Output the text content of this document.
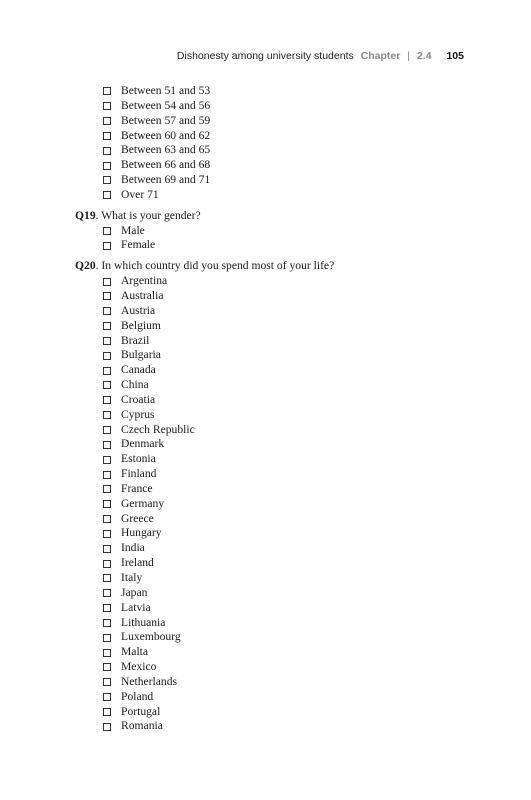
Dishonesty among university students Chapter | 2.4 105
Between 51 and 53
Between 54 and 56
Between 57 and 59
Between 60 and 62
Between 63 and 65
Between 66 and 68
Between 69 and 71
Over 71
Q19. What is your gender?
Male
Female
Q20. In which country did you spend most of your life?
Argentina
Australia
Austria
Belgium
Brazil
Bulgaria
Canada
China
Croatia
Cyprus
Czech Republic
Denmark
Estonia
Finland
France
Germany
Greece
Hungary
India
Ireland
Italy
Japan
Latvia
Lithuania
Luxembourg
Malta
Mexico
Netherlands
Poland
Portugal
Romania
